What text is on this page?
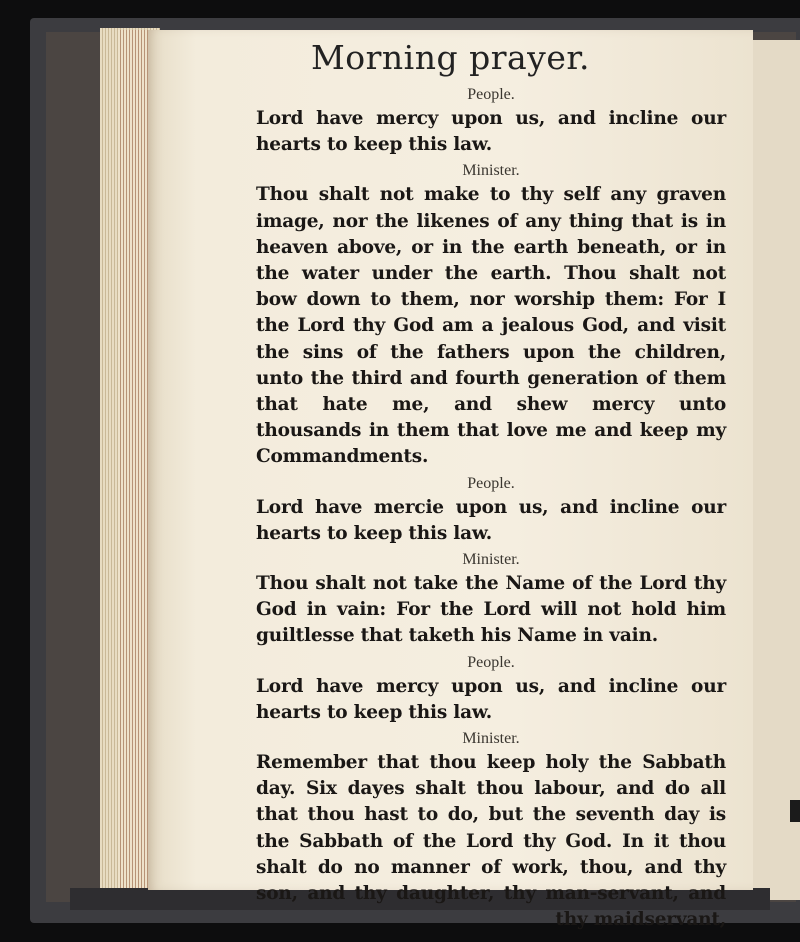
Morning prayer.
People.
Lord have mercy upon us, and incline our hearts to keep this law.
Minister.
Thou shalt not make to thy self any graven image, nor the likenes of any thing that is in heaven above, or in the earth beneath, or in the water under the earth. Thou shalt not bow down to them, nor worship them: For I the Lord thy God am a jealous God, and visit the sins of the fathers upon the children, unto the third and fourth generation of them that hate me, and shew mercy unto thousands in them that love me and keep my Commandments.
People.
Lord have mercie upon us, and incline our hearts to keep this law.
Minister.
Thou shalt not take the Name of the Lord thy God in vain: For the Lord will not hold him guiltlesse that taketh his Name in vain.
People.
Lord have mercy upon us, and incline our hearts to keep this law.
Minister.
Remember that thou keep holy the Sabbath day. Six dayes shalt thou labour, and do all that thou hast to do, but the seventh day is the Sabbath of the Lord thy God. In it thou shalt do no manner of work, thou, and thy son, and thy daughter, thy man-servant, and thy maidservant,
